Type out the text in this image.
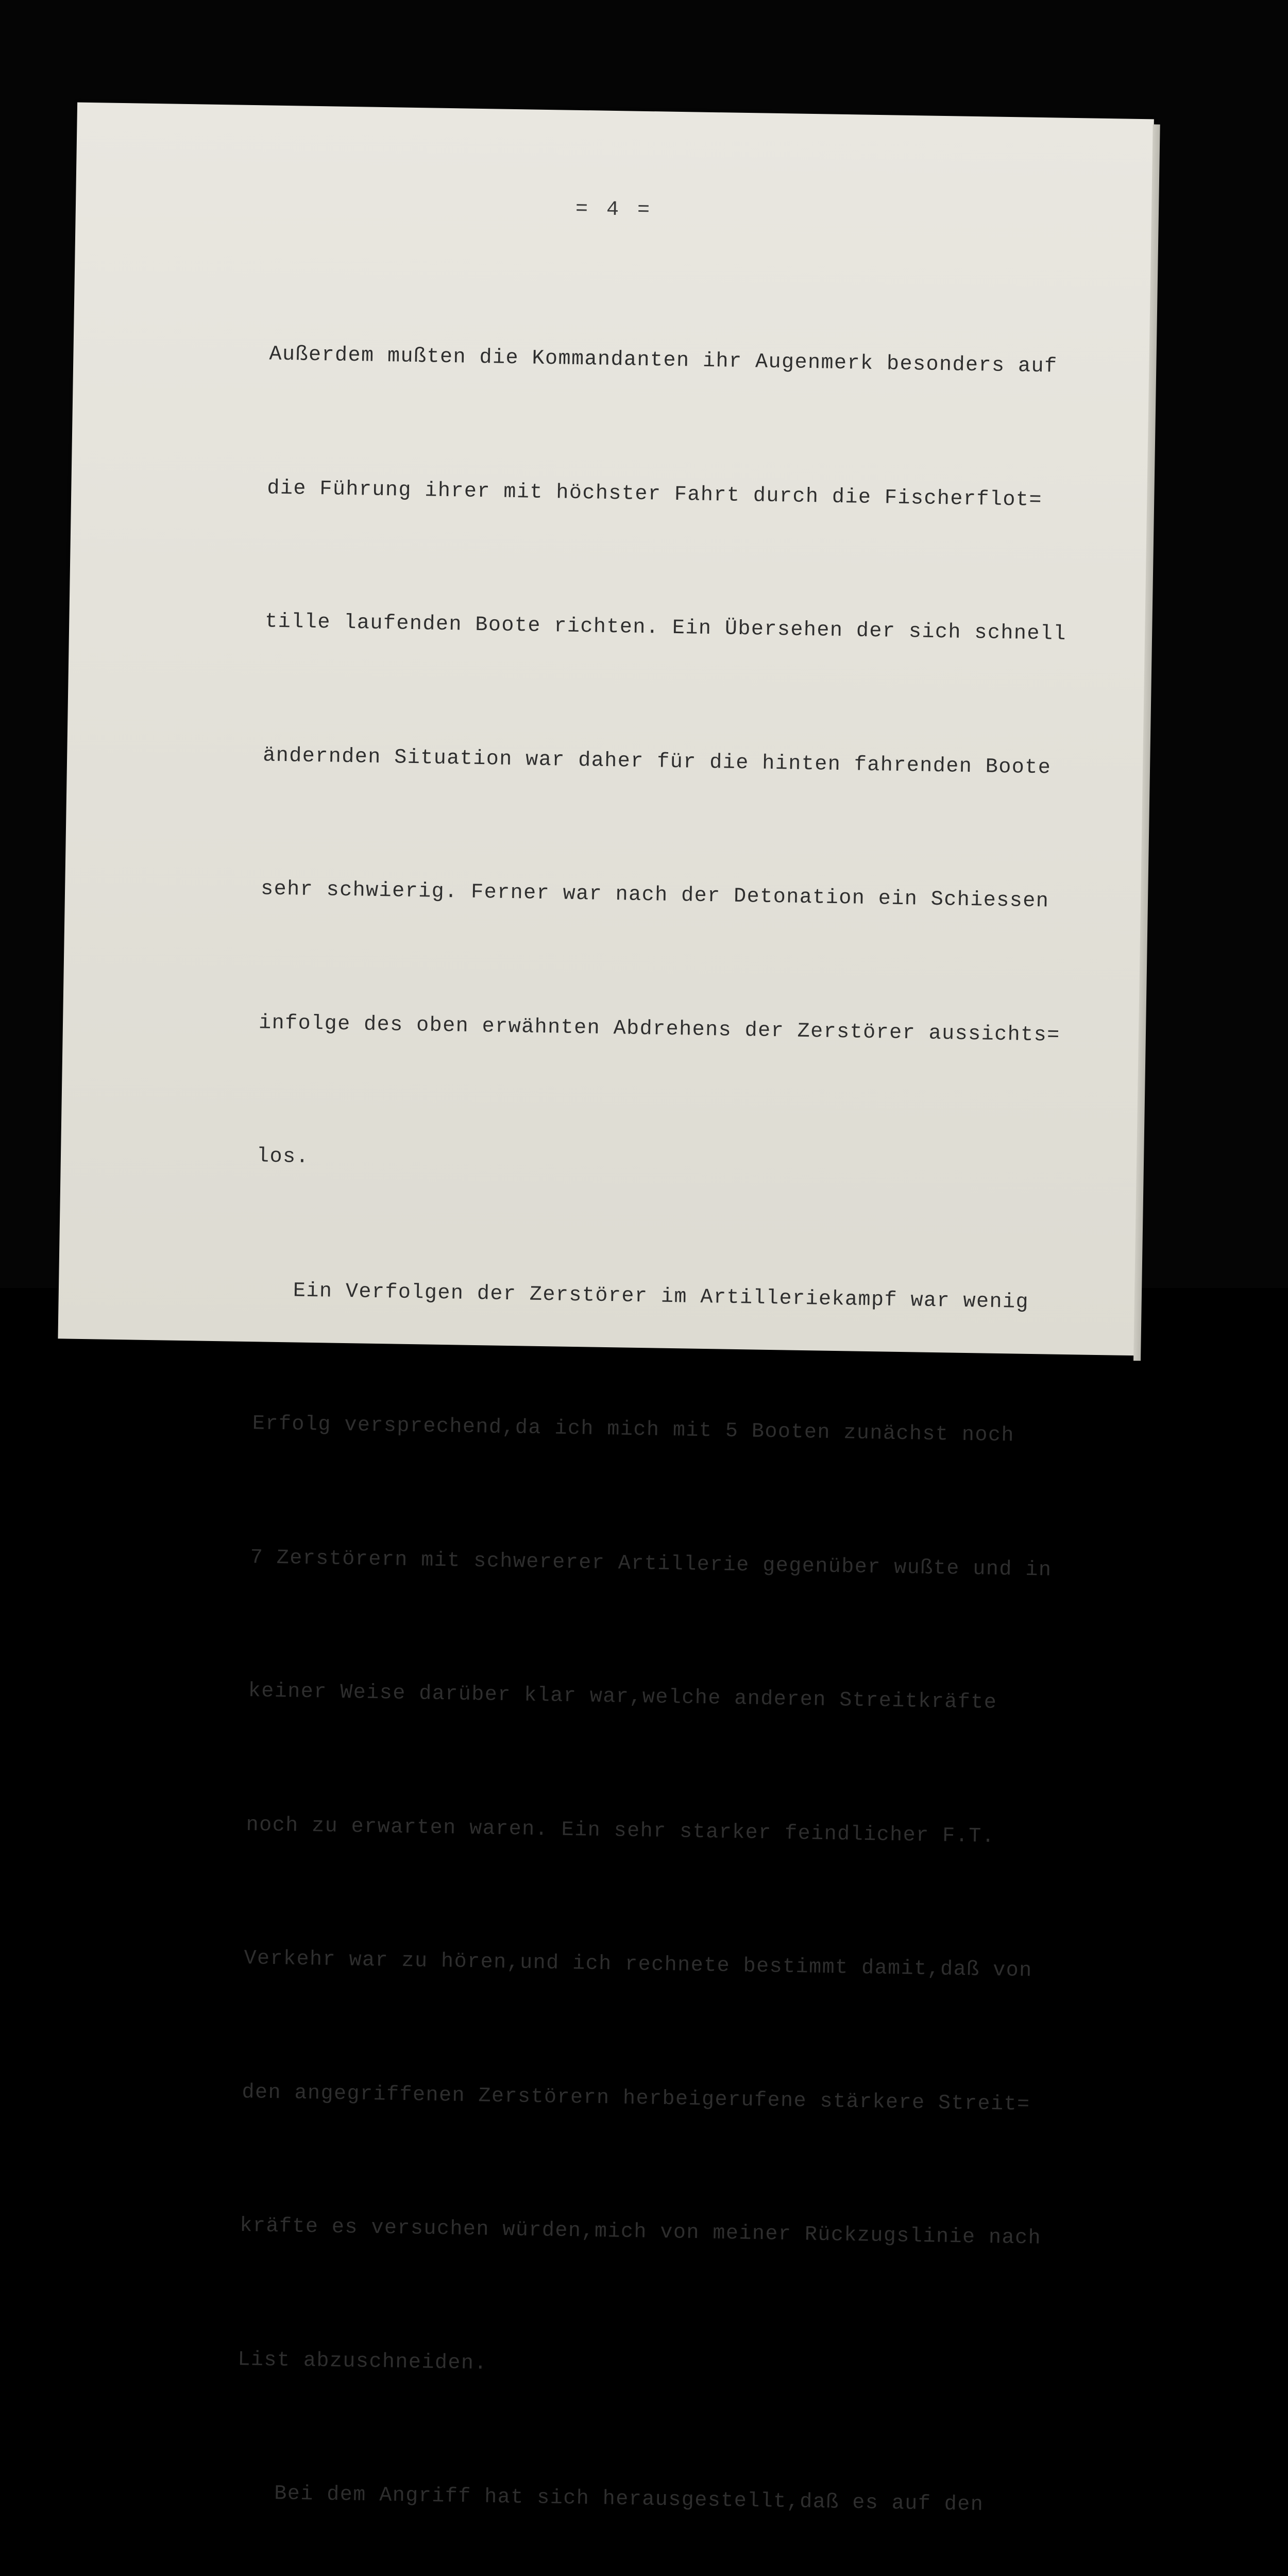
= 4 =

Außerdem mußten die Kommandanten ihr Augenmerk besonders auf

die Führung ihrer mit höchster Fahrt durch die Fischerflot=

tille laufenden Boote richten. Ein Übersehen der sich schnell

ändernden Situation war daher für die hinten fahrenden Boote

sehr schwierig. Ferner war nach der Detonation ein Schiessen

infolge des oben erwähnten Abdrehens der Zerstörer aussichts=

los.

Ein Verfolgen der Zerstörer im Artilleriekampf war wenig

Erfolg versprechend,da ich mich mit 5 Booten zunächst noch

7 Zerstörern mit schwererer Artillerie gegenüber wußte und in

keiner Weise darüber klar war,welche anderen Streitkräfte

noch zu erwarten waren. Ein sehr starker feindlicher F.T.

Verkehr war zu hören,und ich rechnete bestimmt damit,daß von

den angegriffenen Zerstörern herbeigerufene stärkere Streit=

kräfte es versuchen würden,mich von meiner Rückzugslinie nach

List abzuschneiden.

Bei dem Angriff hat sich herausgestellt,daß es auf den
